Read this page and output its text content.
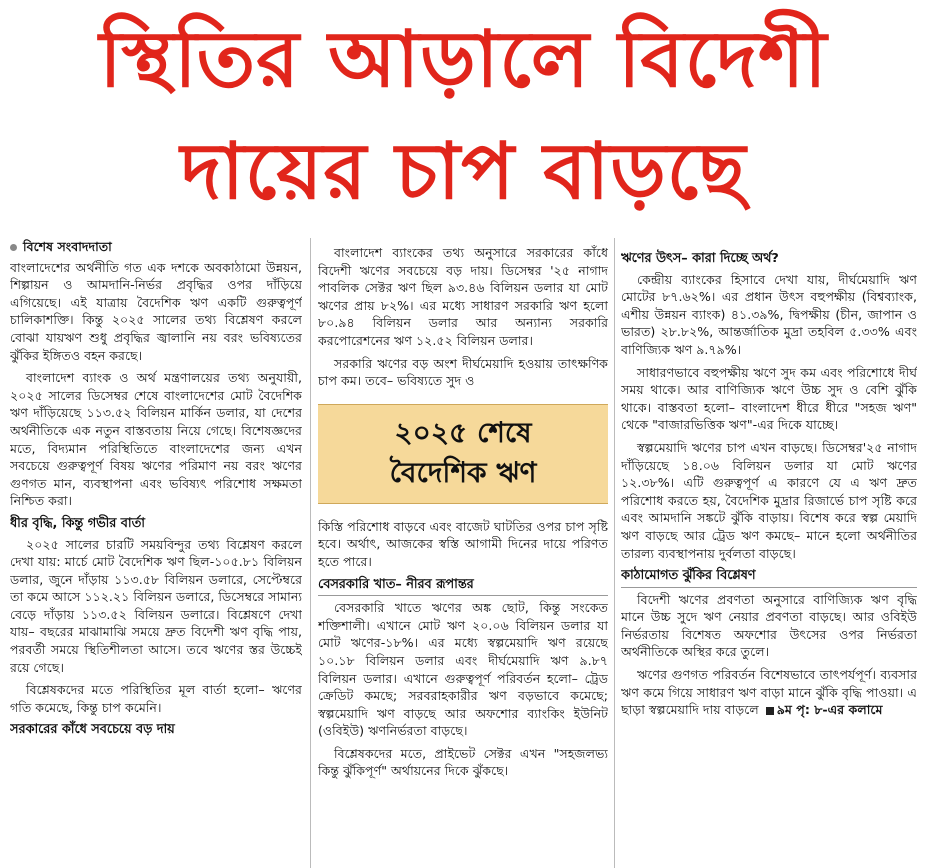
স্থিতির আড়ালে বিদেশী
দায়ের চাপ বাড়ছে
বিশেষ সংবাদদাতা

বাংলাদেশের অর্থনীতি গত এক দশকে অবকাঠামো উন্নয়ন, শিল্পায়ন ও আমদানি-নির্ভর প্রবৃদ্ধির ওপর দাঁড়িয়ে এগিয়েছে। এই যাত্রায় বৈদেশিক ঋণ একটি গুরুত্বপূর্ণ চালিকাশক্তি। কিন্তু ২০২৫ সালের তথ্য বিশ্লেষণ করলে বোঝা যায়ঋণ শুধু প্রবৃদ্ধির জ্বালানি নয় বরং ভবিষ্যতের ঝুঁকির ইঙ্গিতও বহন করছে।

বাংলাদেশ ব্যাংক ও অর্থ মন্ত্রণালয়ের তথ্য অনুযায়ী, ২০২৫ সালের ডিসেম্বর শেষে বাংলাদেশের মোট বৈদেশিক ঋণ দাঁড়িয়েছে ১১৩.৫২ বিলিয়ন মার্কিন ডলার, যা দেশের অর্থনীতিকে এক নতুন বাস্তবতায় নিয়ে গেছে। বিশেষজ্ঞদের মতে, বিদ্যমান পরিস্থিতিতে বাংলাদেশের জন্য এখন সবচেয়ে গুরুত্বপূর্ণ বিষয় ঋণের পরিমাণ নয় বরং ঋণের গুণগত মান, ব্যবস্থাপনা এবং ভবিষ্যৎ পরিশোধ সক্ষমতা নিশ্চিত করা।

ধীর বৃদ্ধি, কিন্তু গভীর বার্তা

২০২৫ সালের চারটি সময়বিন্দুর তথ্য বিশ্লেষণ করলে দেখা যায়: মার্চে মোট বৈদেশিক ঋণ ছিল-১০৫.৮১ বিলিয়ন ডলার, জুনে দাঁড়ায় ১১৩.৫৮ বিলিয়ন ডলারে, সেপ্টেম্বরে তা কমে আসে ১১২.২১ বিলিয়ন ডলারে, ডিসেম্বরে সামান্য বেড়ে দাঁড়ায় ১১৩.৫২ বিলিয়ন ডলারে। বিশ্লেষণে দেখা যায়– বছরের মাঝামাঝি সময়ে দ্রুত বিদেশী ঋণ বৃদ্ধি পায়, পরবর্তী সময়ে স্থিতিশীলতা আসে। তবে ঋণের স্তর উচ্চেই রয়ে গেছে।

বিশ্লেষকদের মতে পরিস্থিতির মূল বার্তা হলো– ঋণের গতি কমেছে, কিন্তু চাপ কমেনি।

সরকারের কাঁধে সবচেয়ে বড় দায়

বাংলাদেশ ব্যাংকের তথ্য অনুসারে সরকারের কাঁধে বিদেশী ঋণের সবচেয়ে বড় দায়। ডিসেম্বর '২৫ নাগাদ পাবলিক সেক্টর ঋণ ছিল ৯৩.৪৬ বিলিয়ন ডলার যা মোট ঋণের প্রায় ৮২%। এর মধ্যে সাধারণ সরকারি ঋণ হলো ৮০.৯৪ বিলিয়ন ডলার আর অন্যান্য সরকারি করপোরেশনের ঋণ ১২.৫২ বিলিয়ন ডলার।

সরকারি ঋণের বড় অংশ দীর্ঘমেয়াদি হওয়ায় তাৎক্ষণিক চাপ কম। তবে– ভবিষ্যতে সুদ ও

২০২৫ শেষে
বৈদেশিক ঋণ

কিস্তি পরিশোধ বাড়বে এবং বাজেট ঘাটতির ওপর চাপ সৃষ্টি হবে। অর্থাৎ, আজকের স্বস্তি আগামী দিনের দায়ে পরিণত হতে পারে।

বেসরকারি খাত– নীরব রূপান্তর

বেসরকারি খাতে ঋণের অঙ্ক ছোট, কিন্তু সংকেত শক্তিশালী। এখানে মোট ঋণ ২০.০৬ বিলিয়ন ডলার যা মোট ঋণের-১৮%। এর মধ্যে স্বল্পমেয়াদি ঋণ রয়েছে ১০.১৮ বিলিয়ন ডলার এবং দীর্ঘমেয়াদি ঋণ ৯.৮৭ বিলিয়ন ডলার। এখানে গুরুত্বপূর্ণ পরিবর্তন হলো– ট্রেড ক্রেডিট কমছে; সরবরাহকারীর ঋণ বড়ভাবে কমেছে; স্বল্পমেয়াদি ঋণ বাড়ছে আর অফশোর ব্যাংকিং ইউনিট (ওবিইউ) ঋণনির্ভরতা বাড়ছে।

বিশ্লেষকদের মতে, প্রাইভেট সেক্টর এখন "সহজলভ্য কিন্তু ঝুঁকিপূর্ণ" অর্থায়নের দিকে ঝুঁকছে।

ঋণের উৎস– কারা দিচ্ছে অর্থ?

কেন্দ্রীয় ব্যাংকের হিসাবে দেখা যায়, দীর্ঘমেয়াদি ঋণ মোটের ৮৭.৬২%। এর প্রধান উৎস বহুপক্ষীয় (বিশ্বব্যাংক, এশীয় উন্নয়ন ব্যাংক) ৪১.৩৯%, দ্বিপক্ষীয় (চীন, জাপান ও ভারত) ২৮.৮২%, আন্তর্জাতিক মুদ্রা তহবিল ৫.৩৩% এবং বাণিজ্যিক ঋণ ৯.৭৯%।

সাধারণভাবে বহুপক্ষীয় ঋণে সুদ কম এবং পরিশোধে দীর্ঘ সময় থাকে। আর বাণিজ্যিক ঋণে উচ্চ সুদ ও বেশি ঝুঁকি থাকে। বাস্তবতা হলো– বাংলাদেশ ধীরে ধীরে "সহজ ঋণ" থেকে "বাজারভিত্তিক ঋণ"-এর দিকে যাচ্ছে।

স্বল্পমেয়াদি ঋণের চাপ এখন বাড়ছে। ডিসেম্বর'২৫ নাগাদ দাঁড়িয়েছে ১৪.০৬ বিলিয়ন ডলার যা মোট ঋণের ১২.৩৮%। এটি গুরুত্বপূর্ণ এ কারণে যে এ ঋণ দ্রুত পরিশোধ করতে হয়, বৈদেশিক মুদ্রার রিজার্ভে চাপ সৃষ্টি করে এবং আমদানি সঙ্কটে ঝুঁকি বাড়ায়। বিশেষ করে স্বল্প মেয়াদি ঋণ বাড়ছে আর ট্রেড ঋণ কমছে– মানে হলো অর্থনীতির তারল্য ব্যবস্থাপনায় দুর্বলতা বাড়ছে।

কাঠামোগত ঝুঁকির বিশ্লেষণ

বিদেশী ঋণের প্রবণতা অনুসারে বাণিজ্যিক ঋণ বৃদ্ধি মানে উচ্চ সুদে ঋণ নেয়ার প্রবণতা বাড়ছে। আর ওবিইউ নির্ভরতায় বিশেষত অফশোর উৎসের ওপর নির্ভরতা অর্থনীতিকে অস্থির করে তুলে।

ঋণের গুণগত পরিবর্তন বিশেষভাবে তাৎপর্যপূর্ণ। ব্যবসার ঋণ কমে গিয়ে সাধারণ ঋণ বাড়া মানে ঝুঁকি বৃদ্ধি পাওয়া। এ ছাড়া স্বল্পমেয়াদি দায় বাড়লে ৯ম পৃ: ৮-এর কলামে
